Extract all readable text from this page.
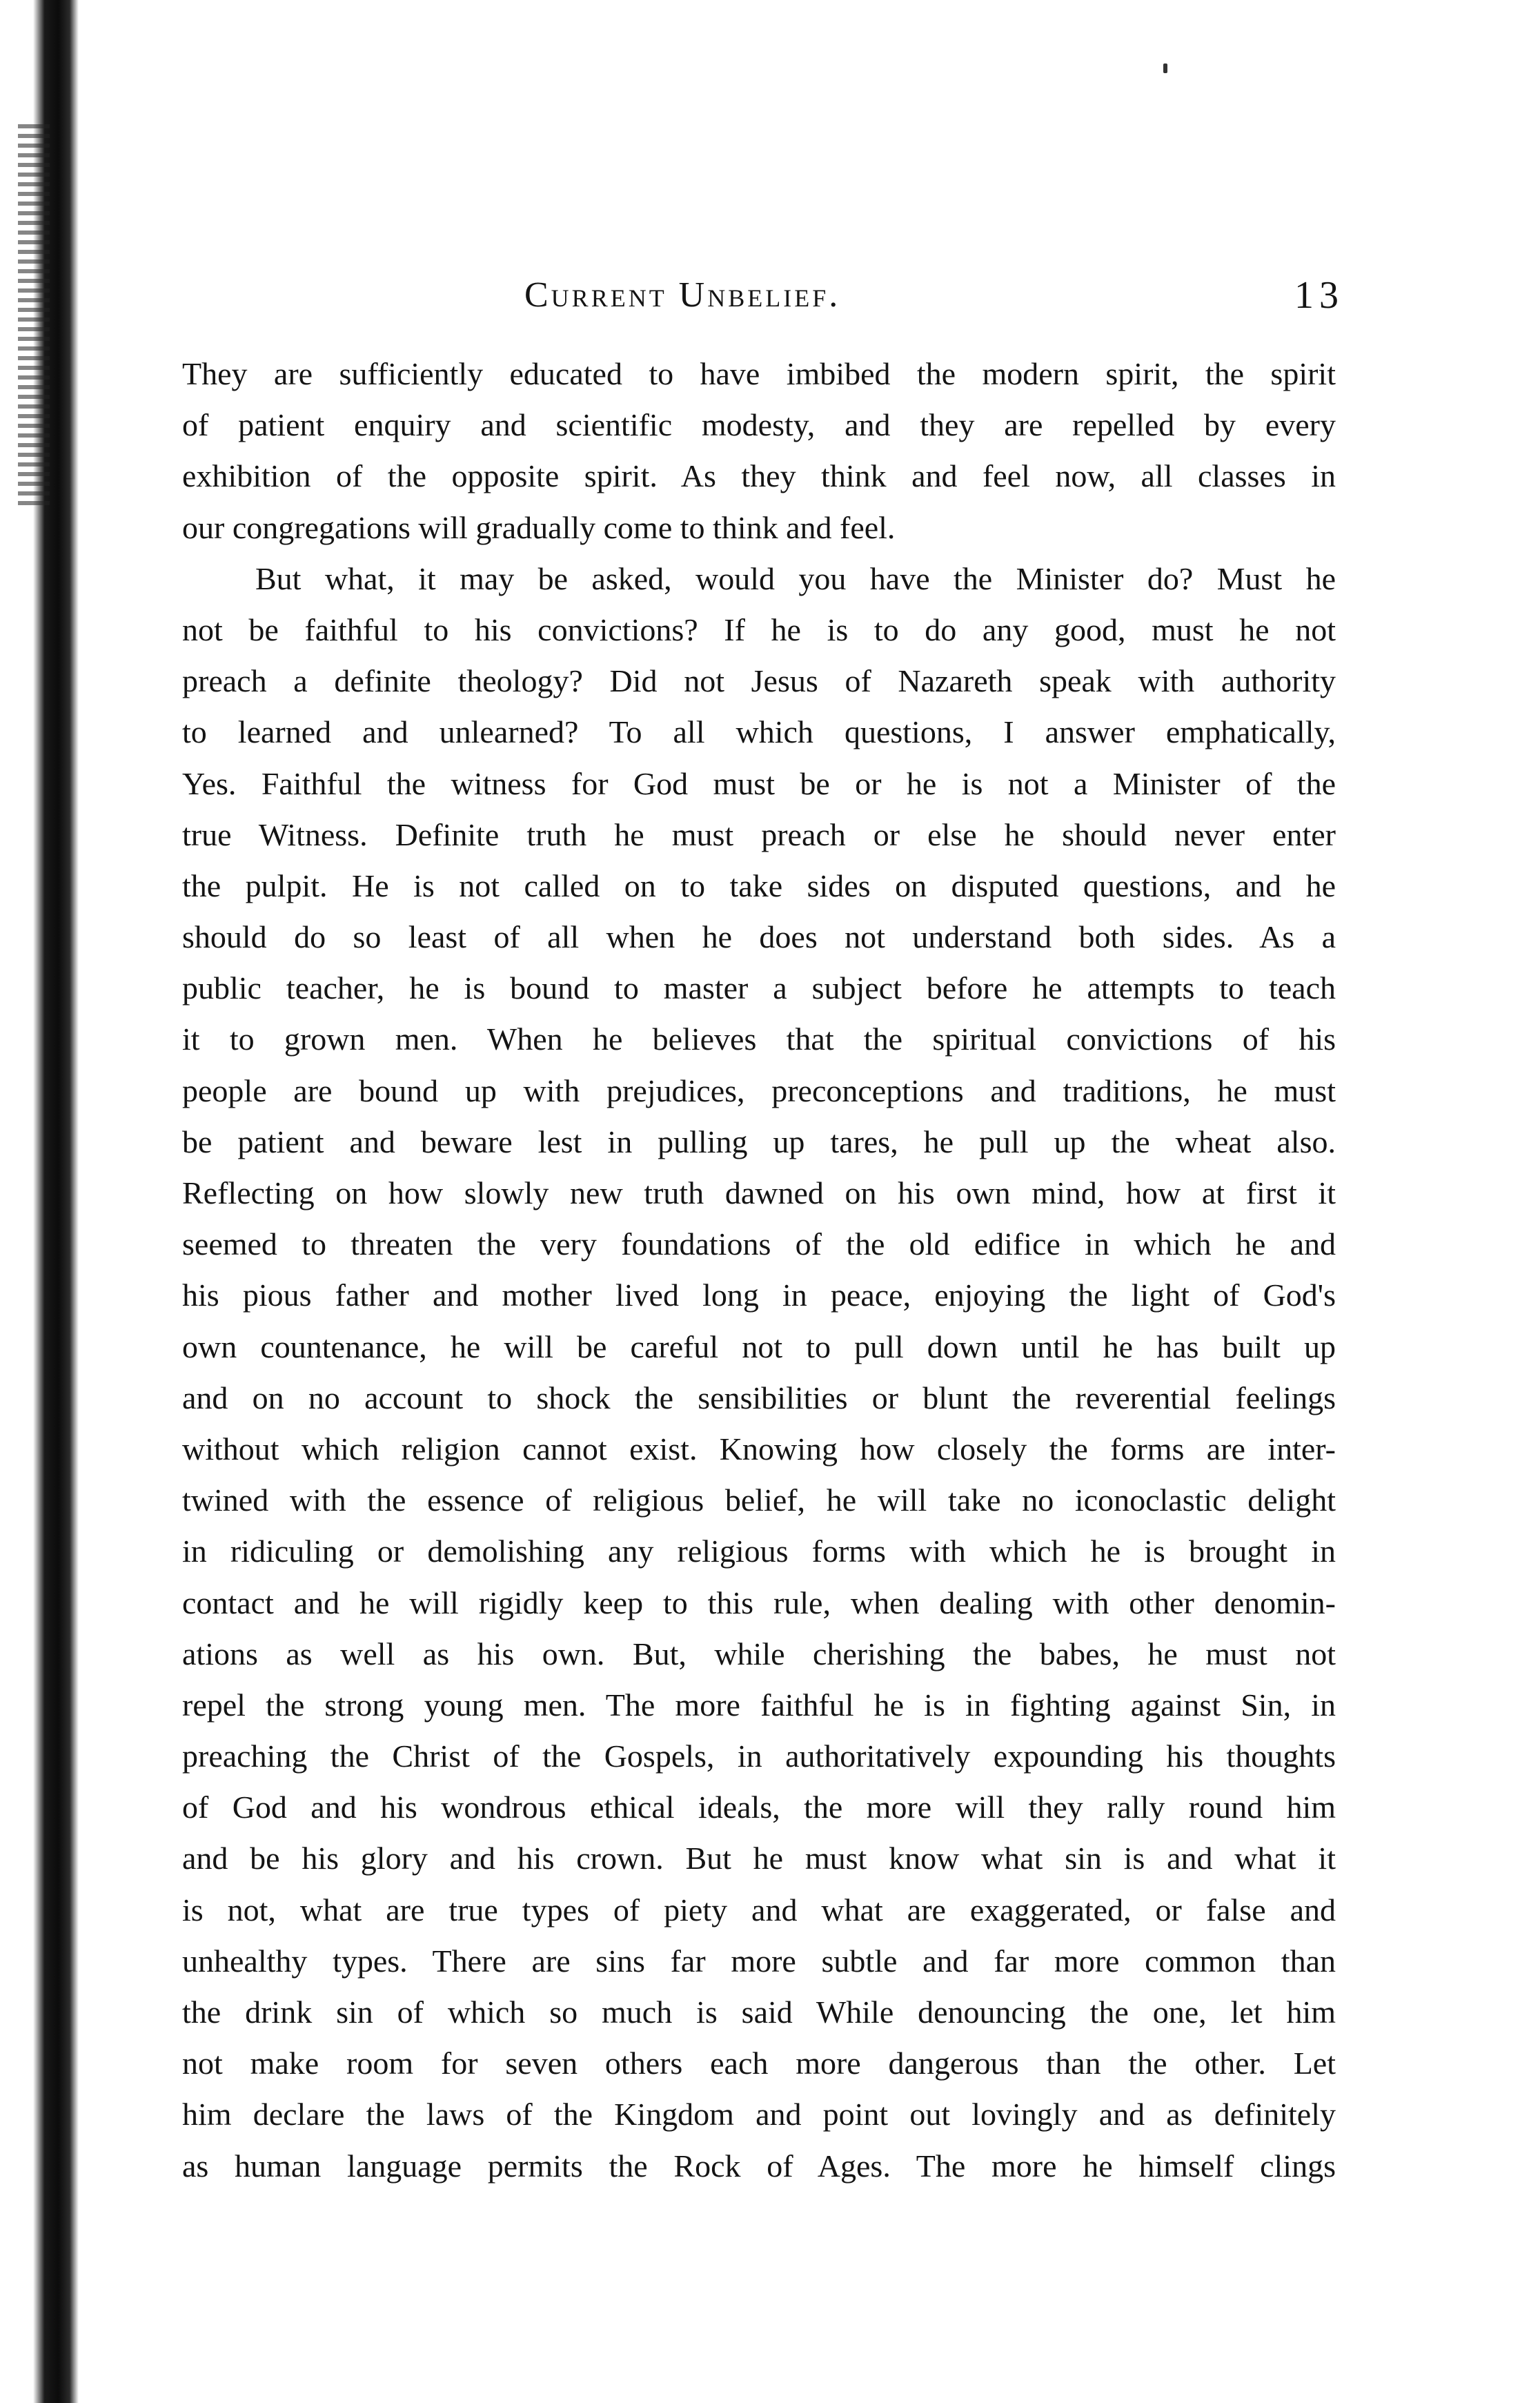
Current Unbelief.	13
They are sufficiently educated to have imbibed the modern spirit, the spirit
of patient enquiry and scientific modesty, and they are repelled by every
exhibition of the opposite spirit. As they think and feel now, all classes in
our congregations will gradually come to think and feel.
But what, it may be asked, would you have the Minister do? Must he
not be faithful to his convictions? If he is to do any good, must he not
preach a definite theology? Did not Jesus of Nazareth speak with authority
to learned and unlearned? To all which questions, I answer emphatically,
Yes. Faithful the witness for God must be or he is not a Minister of the
true Witness. Definite truth he must preach or else he should never enter
the pulpit. He is not called on to take sides on disputed questions, and he
should do so least of all when he does not understand both sides. As a
public teacher, he is bound to master a subject before he attempts to teach
it to grown men. When he believes that the spiritual convictions of his
people are bound up with prejudices, preconceptions and traditions, he must
be patient and beware lest in pulling up tares, he pull up the wheat also.
Reflecting on how slowly new truth dawned on his own mind, how at first it
seemed to threaten the very foundations of the old edifice in which he and
his pious father and mother lived long in peace, enjoying the light of God's
own countenance, he will be careful not to pull down until he has built up
and on no account to shock the sensibilities or blunt the reverential feelings
without which religion cannot exist. Knowing how closely the forms are inter-
twined with the essence of religious belief, he will take no iconoclastic delight
in ridiculing or demolishing any religious forms with which he is brought in
contact and he will rigidly keep to this rule, when dealing with other denomin-
ations as well as his own. But, while cherishing the babes, he must not
repel the strong young men. The more faithful he is in fighting against Sin, in
preaching the Christ of the Gospels, in authoritatively expounding his thoughts
of God and his wondrous ethical ideals, the more will they rally round him
and be his glory and his crown. But he must know what sin is and what it
is not, what are true types of piety and what are exaggerated, or false and
unhealthy types. There are sins far more subtle and far more common than
the drink sin of which so much is said While denouncing the one, let him
not make room for seven others each more dangerous than the other. Let
him declare the laws of the Kingdom and point out lovingly and as definitely
as human language permits the Rock of Ages. The more he himself clings
